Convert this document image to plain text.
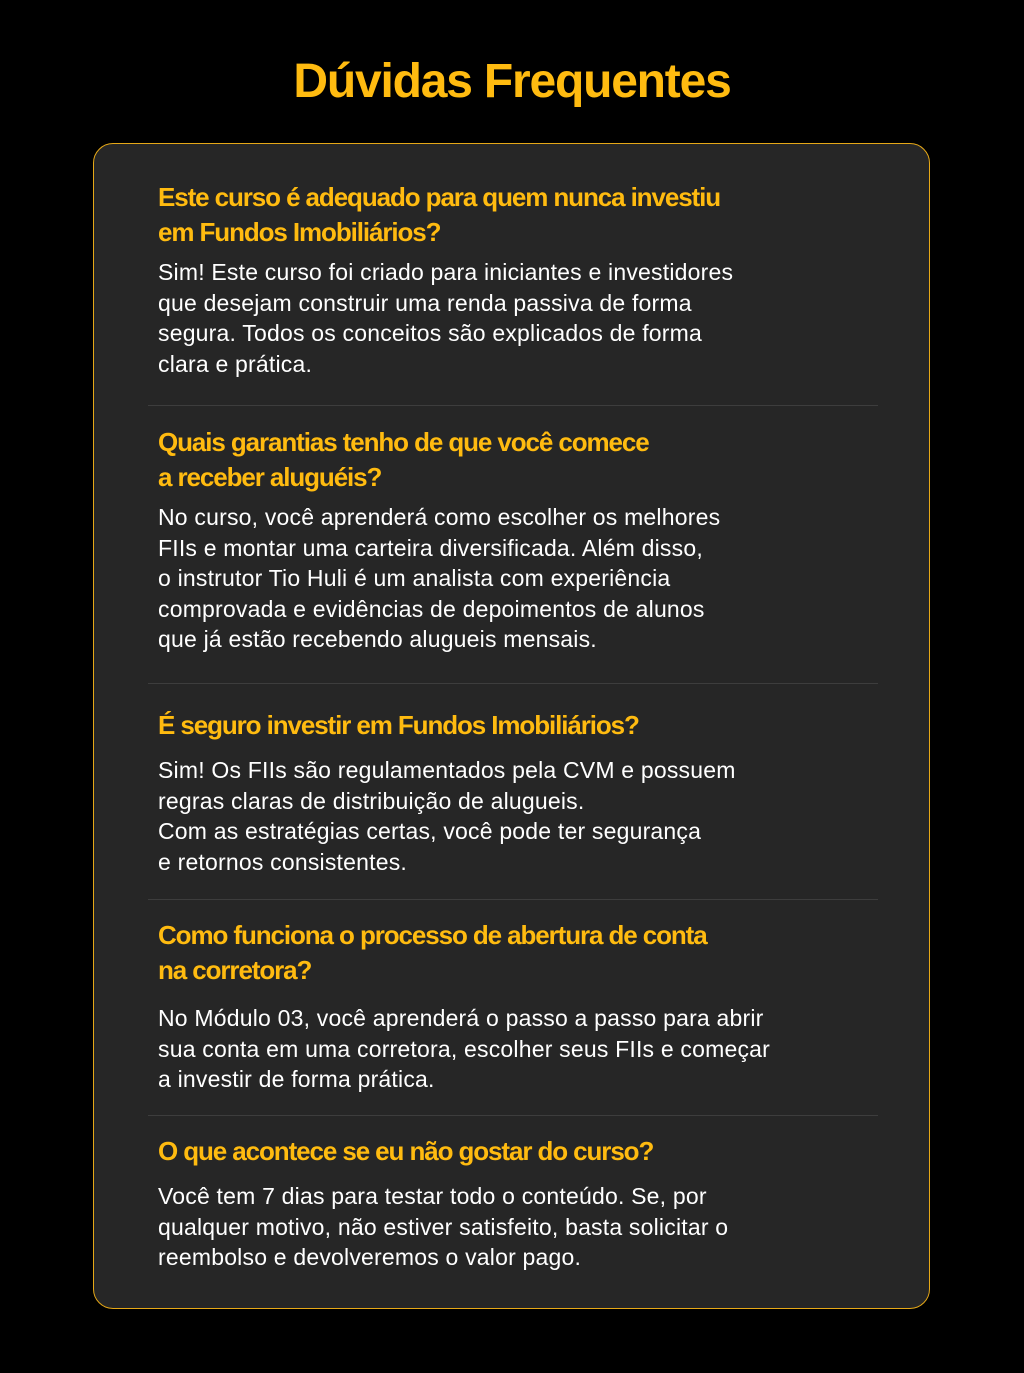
Dúvidas Frequentes
Este curso é adequado para quem nunca investiu
em Fundos Imobiliários?

Sim! Este curso foi criado para iniciantes e investidores
que desejam construir uma renda passiva de forma
segura. Todos os conceitos são explicados de forma
clara e prática.

Quais garantias tenho de que você comece
a receber aluguéis?

No curso, você aprenderá como escolher os melhores
FIIs e montar uma carteira diversificada. Além disso,
o instrutor Tio Huli é um analista com experiência
comprovada e evidências de depoimentos de alunos
que já estão recebendo alugueis mensais.

É seguro investir em Fundos Imobiliários?

Sim! Os FIIs são regulamentados pela CVM e possuem
regras claras de distribuição de alugueis.
Com as estratégias certas, você pode ter segurança
e retornos consistentes.

Como funciona o processo de abertura de conta
na corretora?

No Módulo 03, você aprenderá o passo a passo para abrir
sua conta em uma corretora, escolher seus FIIs e começar
a investir de forma prática.

O que acontece se eu não gostar do curso?

Você tem 7 dias para testar todo o conteúdo. Se, por
qualquer motivo, não estiver satisfeito, basta solicitar o
reembolso e devolveremos o valor pago.
